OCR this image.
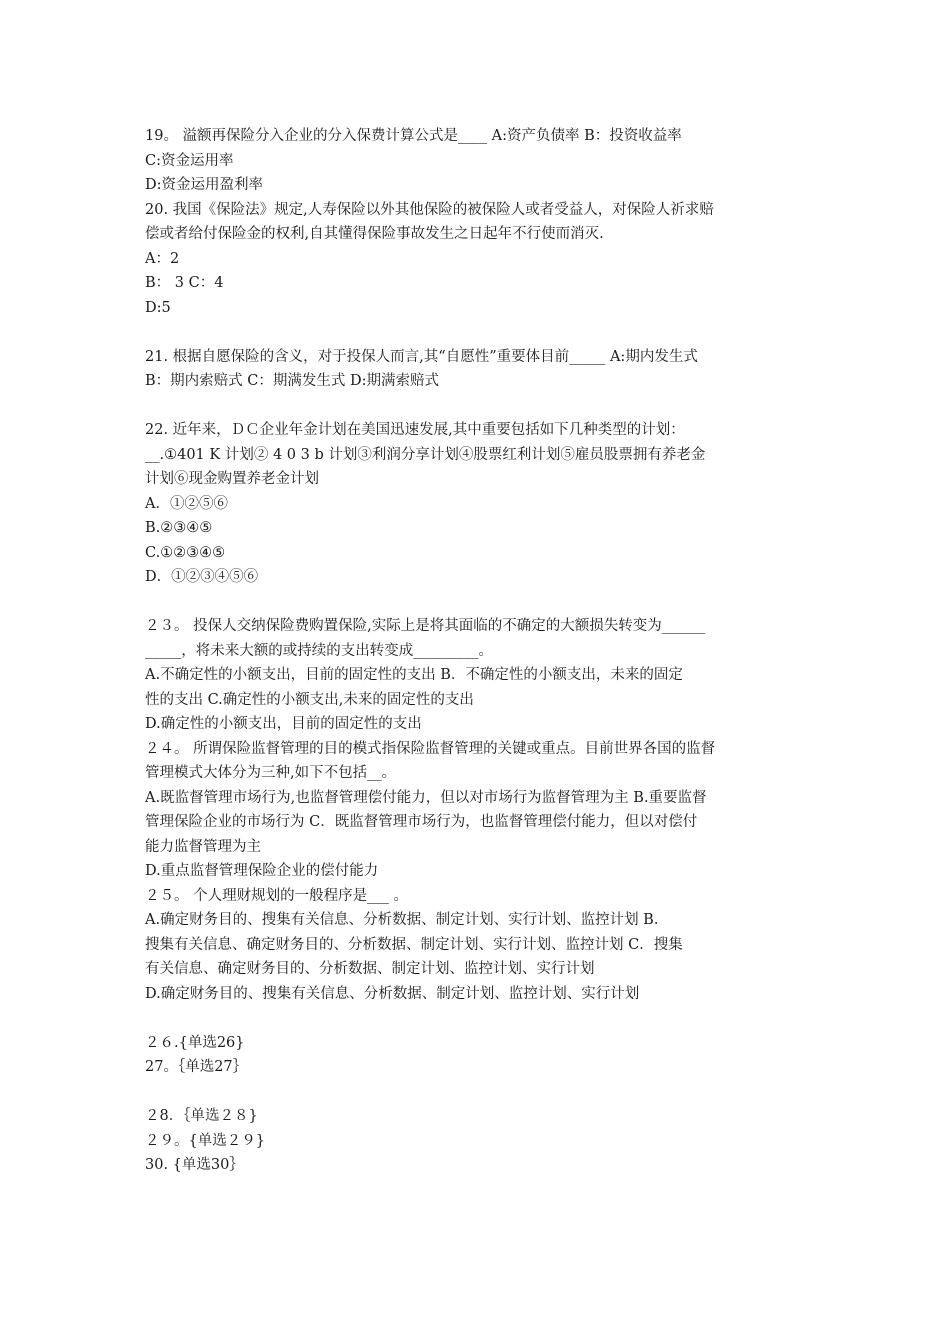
19。 溢额再保险分入企业的分入保费计算公式是____ A:资产负债率 B：投资收益率
C:资金运用率
D:资金运用盈利率
20. 我国《保险法》规定,人寿保险以外其他保险的被保险人或者受益人，对保险人祈求赔
偿或者给付保险金的权利,自其懂得保险事故发生之日起年不行使而消灭.
A：2
B： 3 C：4
D:5
21. 根据自愿保险的含义，对于投保人而言,其“自愿性”重要体目前_____ A:期内发生式
B：期内索赔式 C：期满发生式 D:期满索赔式
22. 近年来，ＤＣ企业年金计划在美国迅速发展,其中重要包括如下几种类型的计划：
__.①401 K 计划② 4 0 3 b 计划③利润分享计划④股票红利计划⑤雇员股票拥有养老金
计划⑥现金购置养老金计划
A．①②⑤⑥
B.②③④⑤
C.①②③④⑤
D．①②③④⑤⑥
２３。 投保人交纳保险费购置保险,实际上是将其面临的不确定的大额损失转变为______
_____，将未来大额的或持续的支出转变成_________。
A.不确定性的小额支出，目前的固定性的支出 B．不确定性的小额支出，未来的固定
性的支出 C.确定性的小额支出,未来的固定性的支出
D.确定性的小额支出，目前的固定性的支出
２４。 所谓保险监督管理的目的模式指保险监督管理的关键或重点。目前世界各国的监督
管理模式大体分为三种,如下不包括__。
A.既监督管理市场行为,也监督管理偿付能力，但以对市场行为监督管理为主 B.重要监督
管理保险企业的市场行为 C．既监督管理市场行为，也监督管理偿付能力，但以对偿付
能力监督管理为主
D.重点监督管理保险企业的偿付能力
２５。 个人理财规划的一般程序是___ 。
A.确定财务目的、搜集有关信息、分析数据、制定计划、实行计划、监控计划 B.
搜集有关信息、确定财务目的、分析数据、制定计划、实行计划、监控计划 C．搜集
有关信息、确定财务目的、分析数据、制定计划、监控计划、实行计划
D.确定财务目的、搜集有关信息、分析数据、制定计划、监控计划、实行计划
２６.{单选26}
27。｛单选27｝
２8．｛单选２８}
２９。{单选２９}
30. {单选30｝
